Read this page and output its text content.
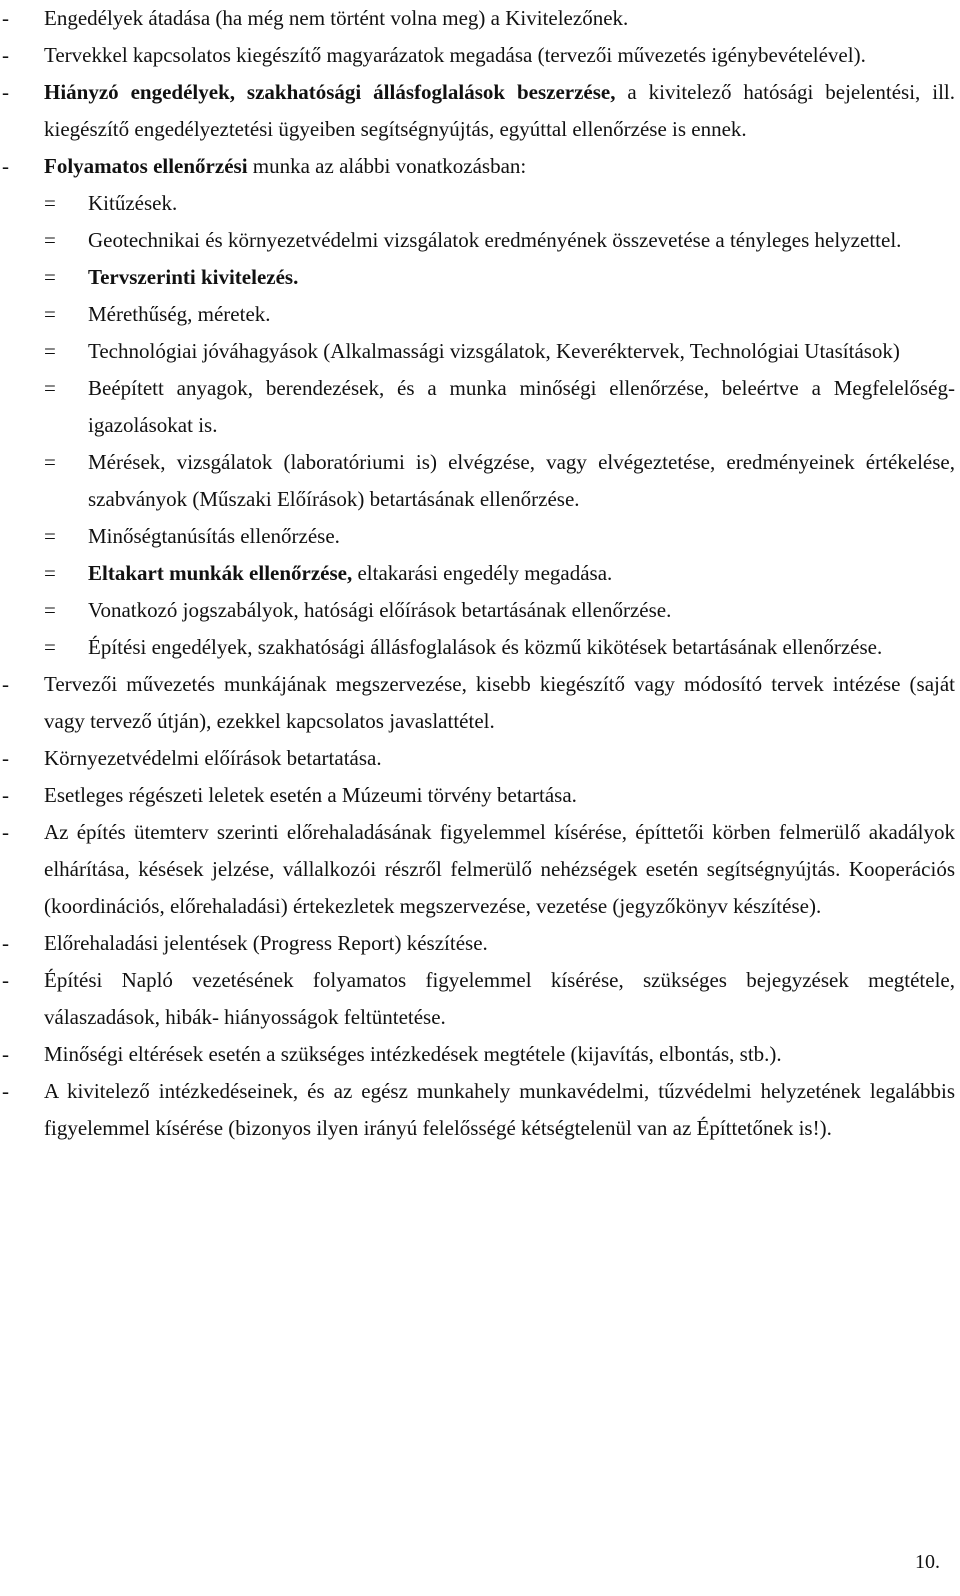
-	Engedélyek átadása (ha még nem történt volna meg) a Kivitelezőnek.

-	Tervekkel kapcsolatos kiegészítő magyarázatok megadása (tervezői művezetés igénybevételével).

-	Hiányzó engedélyek, szakhatósági állásfoglalások beszerzése, a kivitelező hatósági bejelentési, ill. kiegészítő engedélyeztetési ügyeiben segítségnyújtás, egyúttal ellenőrzése is ennek.

-	Folyamatos ellenőrzési munka az alábbi vonatkozásban:

=	Kitűzések.

=	Geotechnikai és környezetvédelmi vizsgálatok eredményének összevetése a tényleges helyzettel.

=	Tervszerinti kivitelezés.

=	Mérethűség, méretek.

=	Technológiai jóváhagyások (Alkalmassági vizsgálatok, Keveréktervek, Technológiai Utasítások)

=	Beépített anyagok, berendezések, és a munka minőségi ellenőrzése, beleértve a Megfelelőség- igazolásokat is.

=	Mérések, vizsgálatok (laboratóriumi is) elvégzése, vagy elvégeztetése, eredményeinek értékelése, szabványok (Műszaki Előírások) betartásának ellenőrzése.

=	Minőségtanúsítás ellenőrzése.

=	Eltakart munkák ellenőrzése, eltakarási engedély megadása.

=	Vonatkozó jogszabályok, hatósági előírások betartásának ellenőrzése.

=	Építési engedélyek, szakhatósági állásfoglalások és közmű kikötések betartásának ellenőrzése.

-	Tervezői művezetés munkájának megszervezése, kisebb kiegészítő vagy módosító tervek intézése (saját vagy tervező útján), ezekkel kapcsolatos javaslattétel.

-	Környezetvédelmi előírások betartatása.

-	Esetleges régészeti leletek esetén a Múzeumi törvény betartása.

-	Az építés ütemterv szerinti előrehaladásának figyelemmel kísérése, építtetői körben felmerülő akadályok elhárítása, késések jelzése, vállalkozói részről felmerülő nehézségek esetén segítségnyújtás. Kooperációs (koordinációs, előrehaladási) értekezletek megszervezése, vezetése (jegyzőkönyv készítése).

-	Előrehaladási jelentések (Progress Report) készítése.

-	Építési Napló vezetésének folyamatos figyelemmel kísérése, szükséges bejegyzések megtétele, válaszadások, hibák- hiányosságok feltüntetése.

-	Minőségi eltérések esetén a szükséges intézkedések megtétele (kijavítás, elbontás, stb.).

-	A kivitelező intézkedéseinek, és az egész munkahely munkavédelmi, tűzvédelmi helyzetének legalábbis figyelemmel kísérése (bizonyos ilyen irányú felelősségé kétségtelenül van az Építtetőnek is!).

10.
